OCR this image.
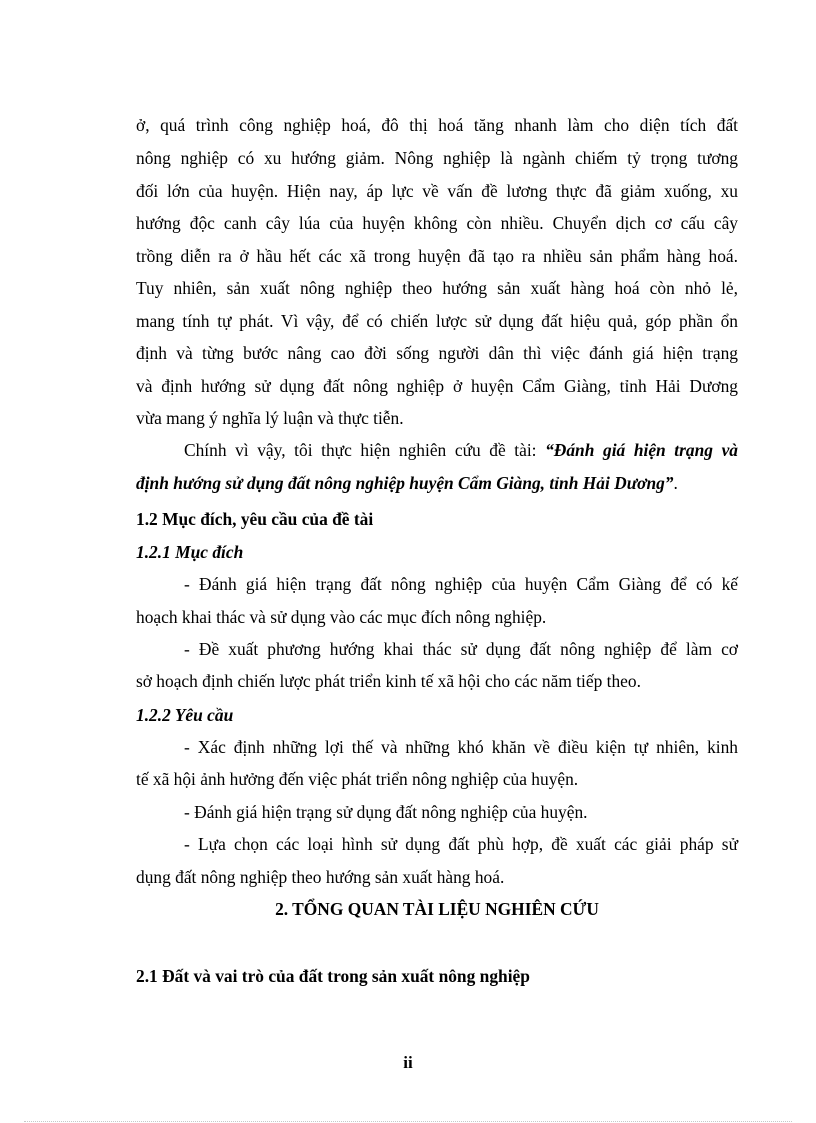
ở, quá trình công nghiệp hoá, đô thị hoá tăng nhanh làm cho diện tích đất
nông nghiệp có xu hướng giảm. Nông nghiệp là ngành chiếm tỷ trọng tương
đối lớn của huyện. Hiện nay, áp lực về vấn đề lương thực đã giảm xuống, xu
hướng độc canh cây lúa của huyện không còn nhiều. Chuyển dịch cơ cấu cây
trồng diễn ra ở hầu hết các xã trong huyện đã tạo ra nhiều sản phẩm hàng hoá.
Tuy nhiên, sản xuất nông nghiệp theo hướng sản xuất hàng hoá còn nhỏ lẻ,
mang tính tự phát. Vì vậy, để có chiến lược sử dụng đất hiệu quả, góp phần ổn
định và từng bước nâng cao đời sống người dân thì việc đánh giá hiện trạng
và định hướng sử dụng đất nông nghiệp ở huyện Cẩm Giàng, tỉnh Hải Dương
vừa mang ý nghĩa lý luận và thực tiễn.
Chính vì vậy, tôi thực hiện nghiên cứu đề tài: “Đánh giá hiện trạng và
định hướng sử dụng đất nông nghiệp huyện Cẩm Giàng, tỉnh Hải Dương”.
1.2 Mục đích, yêu cầu của đề tài
1.2.1 Mục đích
- Đánh giá hiện trạng đất nông nghiệp của huyện Cẩm Giàng để có kế
hoạch khai thác và sử dụng vào các mục đích nông nghiệp.
- Đề xuất phương hướng khai thác sử dụng đất nông nghiệp để làm cơ
sở hoạch định chiến lược phát triển kinh tế xã hội cho các năm tiếp theo.
1.2.2 Yêu cầu
- Xác định những lợi thế và những khó khăn về điều kiện tự nhiên, kinh
tế xã hội ảnh hưởng đến việc phát triển nông nghiệp của huyện.
- Đánh giá hiện trạng sử dụng đất nông nghiệp của huyện.
- Lựa chọn các loại hình sử dụng đất phù hợp, đề xuất các giải pháp sử
dụng đất nông nghiệp theo hướng sản xuất hàng hoá.
2. TỔNG QUAN TÀI LIỆU NGHIÊN CỨU
2.1 Đất và vai trò của đất trong sản xuất nông nghiệp
ii
